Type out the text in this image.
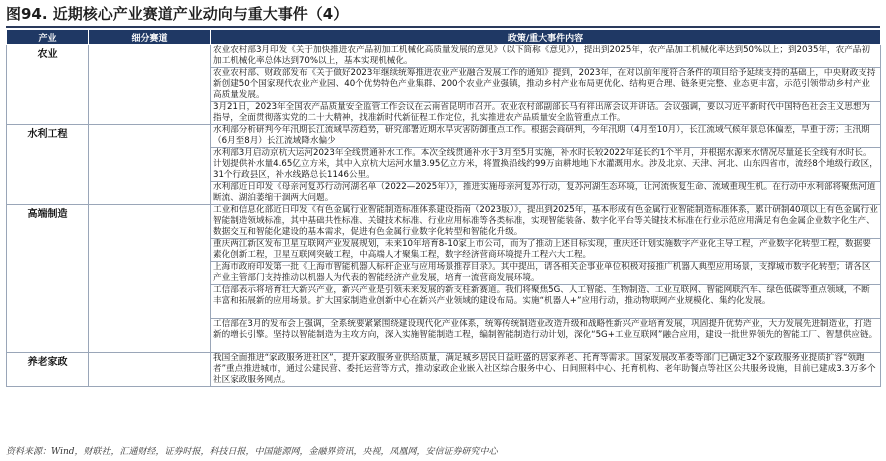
图94. 近期核心产业赛道产业动向与重大事件（4）
产业	细分赛道	政策/重大事件内容
农业		农业农村部3月印发《关于加快推进农产品初加工机械化高质量发展的意见》（以下简称《意见》），提出到2025年，农产品加工机械化率达到50%以上；到2035年，农产品初加工机械化率总体达到70%以上，基本实现机械化。

		农业农村部、财政部发布《关于做好2023年继续统筹推进农业产业融合发展工作的通知》提到，2023年，在对以前年度符合条件的项目给予延续支持的基础上，中央财政支持新创建50个国家现代农业产业园、40个优势特色产业集群、200个农业产业强镇，推动乡村产业布局更优化、结构更合理、链条更完整、业态更丰富，示范引领带动乡村产业高质量发展。

		3月21日，2023年全国农产品质量安全监管工作会议在云南省昆明市召开。农业农村部副部长马有祥出席会议并讲话。会议强调，要以习近平新时代中国特色社会主义思想为指导，全面贯彻落实党的二十大精神，找准新时代新征程工作定位，扎实推进农产品质量安全监管重点工作。

水利工程		水利部分析研判今年汛期长江流域旱涝趋势，研究部署近期水旱灾害防御重点工作。根据会商研判，今年汛期（4月至10月），长江流域气候年景总体偏差，旱重于涝；主汛期（6月至8月）长江流域降水偏少

		水利部3月启动京杭大运河2023年全线贯通补水工作。本次全线贯通补水于3月至5月实施，补水时长较2022年延长约1个半月，并根据水源来水情况尽量延长全线有水时长。计划提供补水量4.65亿立方米，其中入京杭大运河水量3.95亿立方米，将置换沿线约99万亩耕地地下水灌溉用水。涉及北京、天津、河北、山东四省市，流经8个地级行政区，31个行政县区，补水线路总长1146公里。

		水利部近日印发《母亲河复苏行动河湖名单（2022—2025年）》，推进实施母亲河复苏行动，复苏河湖生态环境，让河流恢复生命、流域重现生机。在行动中水利部将聚焦河道断流、湖泊萎缩干涸两大问题。

高端制造		工业和信息化部近日印发《有色金属行业智能制造标准体系建设指南（2023版）》，提出到2025年，基本形成有色金属行业智能制造标准体系，累计研制40项以上有色金属行业智能制造领域标准，其中基础共性标准、关键技术标准、行业应用标准等各类标准，实现智能装备、数字化平台等关键技术标准在行业示范应用满足有色金属企业数字化生产、数据交互和智能化建设的基本需求，促进有色金属行业数字化转型和智能化升级。

		重庆两江新区发布卫星互联网产业发展规划，未来10年培育8-10家上市公司，而为了推动上述目标实现，重庆还计划实施数字产业化主导工程，产业数字化转型工程，数据要素化创新工程，卫星互联网突破工程，中高端人才聚集工程，数字经济营商环境提升工程六大工程。

		上海市政府印发第一批《上海市智能机器人标杆企业与应用场景推荐目录》。其中提出，请各相关企事业单位积极对接推广机器人典型应用场景，支撑城市数字化转型；请各区产业主管部门支持推动以机器人为代表的智能经济产业发展，培育一流营商发展环境。

		工信部表示将培育壮大新兴产业，新兴产业是引领未来发展的新支柱新赛道。我们将聚焦5G、人工智能、生物制造、工业互联网、智能网联汽车、绿色低碳等重点领域，不断丰富和拓展新的应用场景。扩大国家制造业创新中心在新兴产业领域的建设布局。实施“机器人+”应用行动，推动物联网产业规模化、集约化发展。

		工信部在3月的发布会上强调，全系统要紧紧围绕建设现代化产业体系，统筹传统制造业改造升级和战略性新兴产业培育发展，巩固提升优势产业，大力发展先进制造业，打造新的增长引擎。坚持以智能制造为主攻方向，深入实施智能制造工程，编制智能制造行动计划，深化“5G+工业互联网”融合应用，建设一批世界领先的智能工厂、智慧供应链。

养老家政		我国全面推进“家政服务进社区”，提升家政服务业供给质量，满足城乡居民日益旺盛的居家养老、托育等需求。国家发展改革委等部门已确定32个家政服务业提质扩容“领跑者”重点推进城市，通过公建民营、委托运营等方式，推动家政企业嵌入社区综合服务中心、日间照料中心、托育机构、老年助餐点等社区公共服务设施，目前已建成3.3万多个社区家政服务网点。
资料来源：Wind，财联社，汇通财经，证券时报，科技日报，中国能源网，金融界资讯，央视，凤凰网，安信证券研究中心
